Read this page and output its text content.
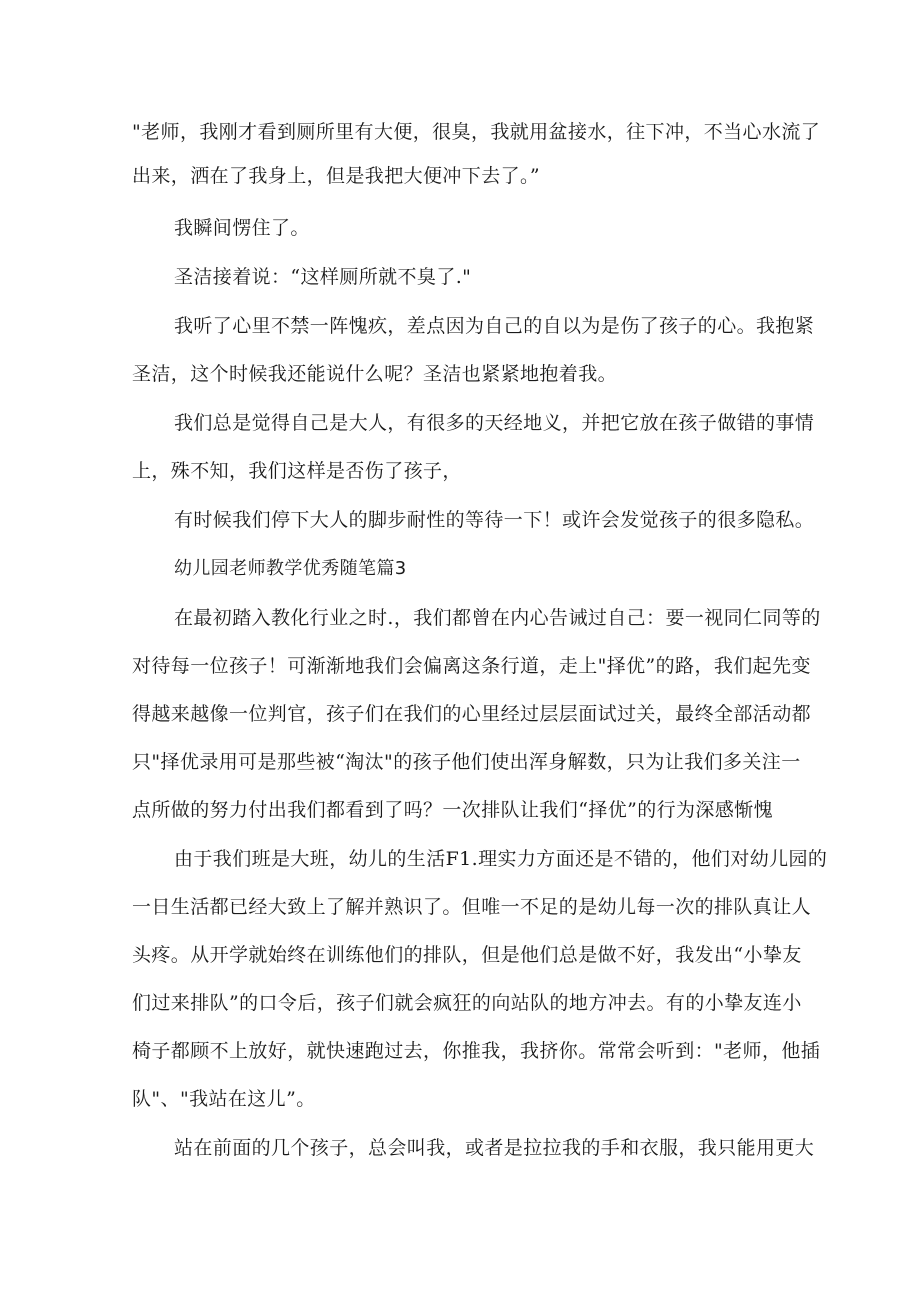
"老师，我刚才看到厕所里有大便，很臭，我就用盆接水，往下冲，不当心水流了

出来，洒在了我身上，但是我把大便冲下去了。”

我瞬间愣住了。

圣洁接着说：“这样厕所就不臭了."

我听了心里不禁一阵愧疚，差点因为自己的自以为是伤了孩子的心。我抱紧

圣洁，这个时候我还能说什么呢？圣洁也紧紧地抱着我。

我们总是觉得自己是大人，有很多的天经地义，并把它放在孩子做错的事情

上，殊不知，我们这样是否伤了孩子，

有时候我们停下大人的脚步耐性的等待一下！或许会发觉孩子的很多隐私。

幼儿园老师教学优秀随笔篇3

在最初踏入教化行业之时.，我们都曾在内心告诫过自己：要一视同仁同等的

对待每一位孩子！可渐渐地我们会偏离这条行道，走上"择优”的路，我们起先变

得越来越像一位判官，孩子们在我们的心里经过层层面试过关，最终全部活动都

只"择优录用可是那些被“淘汰"的孩子他们使出浑身解数，只为让我们多关注一

点所做的努力付出我们都看到了吗？一次排队让我们“择优”的行为深感惭愧

由于我们班是大班，幼儿的生活F1.理实力方面还是不错的，他们对幼儿园的

一日生活都已经大致上了解并熟识了。但唯一不足的是幼儿每一次的排队真让人

头疼。从开学就始终在训练他们的排队，但是他们总是做不好，我发出“小挚友

们过来排队”的口令后，孩子们就会疯狂的向站队的地方冲去。有的小挚友连小

椅子都顾不上放好，就快速跑过去，你推我，我挤你。常常会听到："老师，他插

队"、"我站在这儿”。

站在前面的几个孩子，总会叫我，或者是拉拉我的手和衣服，我只能用更大
